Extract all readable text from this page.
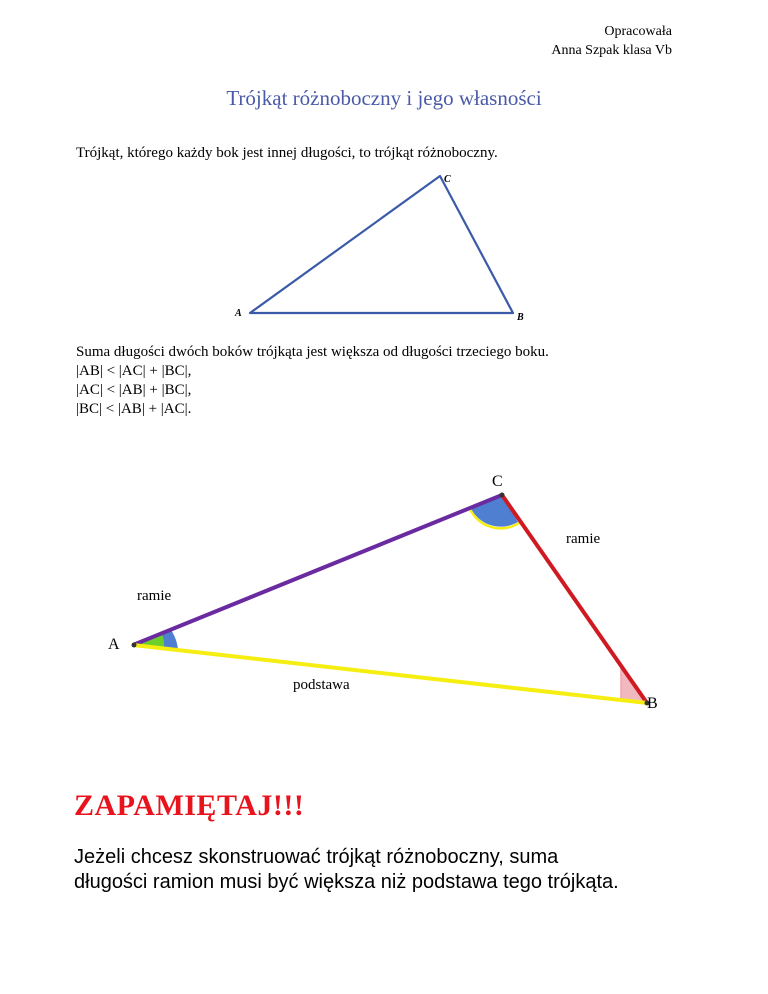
Opracowała
Anna Szpak klasa Vb
Trójkąt różnoboczny i jego własności
Trójkąt, którego każdy bok jest innej długości, to trójkąt różnoboczny.
A	B
C
Suma długości dwóch boków trójkąta jest większa od długości trzeciego boku.
|AB| < |AC| + |BC|,
|AC| < |AB| + |BC|,
|BC| < |AB| + |AC|.
A
B
C
ramie
ramie
podstawa
ZAPAMIĘTAJ!!!
Jeżeli chcesz skonstruować trójkąt różnoboczny, suma długości ramion musi być większa niż podstawa tego trójkąta.
